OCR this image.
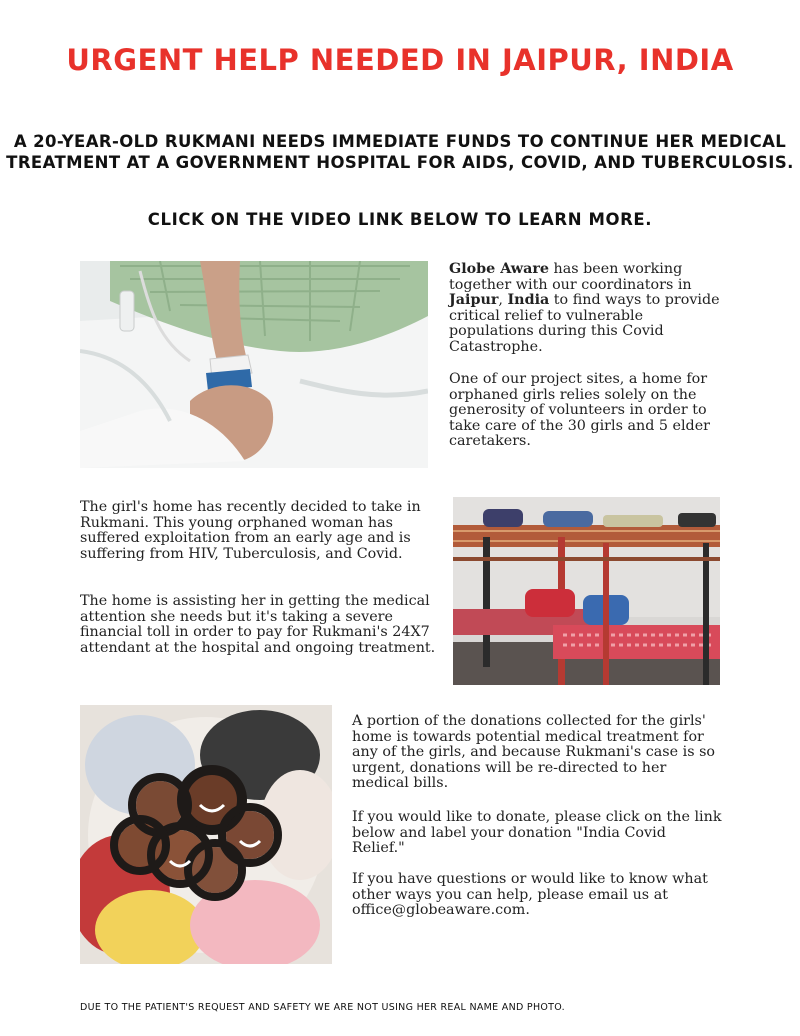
URGENT HELP NEEDED IN JAIPUR, INDIA
A 20-YEAR-OLD RUKMANI NEEDS IMMEDIATE FUNDS TO CONTINUE HER MEDICAL TREATMENT AT A GOVERNMENT HOSPITAL FOR AIDS, COVID, AND TUBERCULOSIS.
CLICK ON THE VIDEO LINK BELOW TO LEARN MORE.

Globe Aware has been working together with our coordinators in Jaipur, India to find ways to provide critical relief to vulnerable populations during this Covid Catastrophe.

One of our project sites, a home for orphaned girls relies solely on the generosity of volunteers in order to take care of the 30 girls and 5 elder caretakers.

The girl's home has recently decided to take in Rukmani. This young orphaned woman has suffered exploitation from an early age and is suffering from HIV, Tuberculosis, and Covid.

The home is assisting her in getting the medical attention she needs but it's taking a severe financial toll in order to pay for Rukmani's 24X7 attendant at the hospital and ongoing treatment.

A portion of the donations collected for the girls' home is towards potential medical treatment for any of the girls, and because Rukmani's case is so urgent, donations will be re-directed to her medical bills.

If you would like to donate, please click on the link below and label your donation "India Covid Relief."

If you have questions or would like to know what other ways you can help, please email us at office@globeaware.com.

DUE TO THE PATIENT'S REQUEST AND SAFETY WE ARE NOT USING HER REAL NAME AND PHOTO.
